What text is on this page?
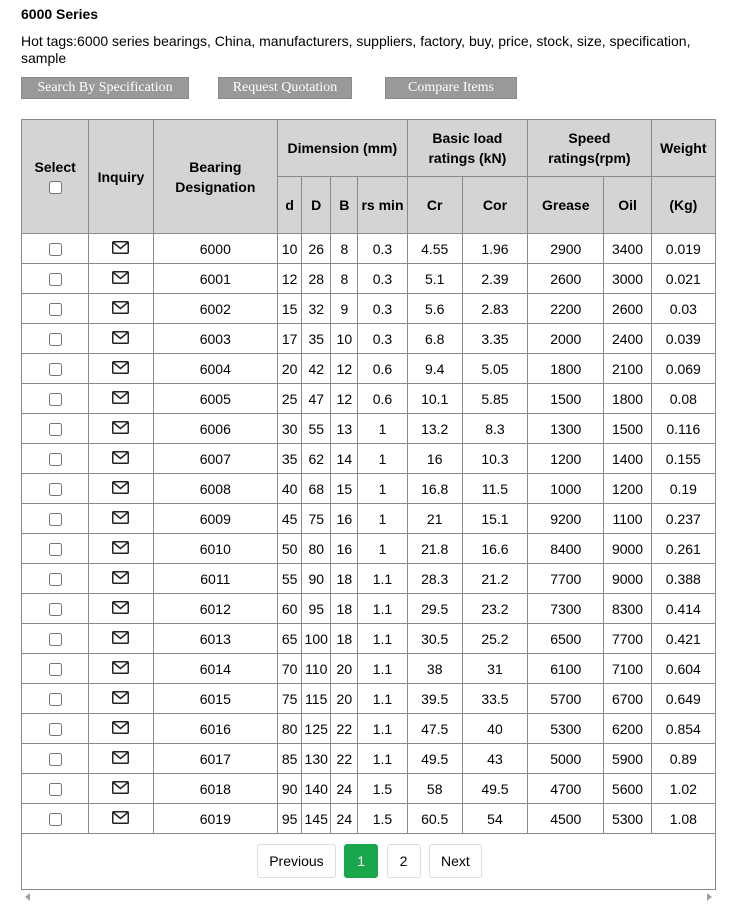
6000 Series

Hot tags:6000 series bearings, China, manufacturers, suppliers, factory, buy, price, stock, size, specification, sample

Search By Specification	Request Quotation	Compare Items
Select	Inquiry	Bearing Designation	Dimension (mm)				Basic load ratings (kN)		Speed ratings(rpm)		Weight
			d	D	B	rs min	Cr	Cor	Grease	Oil	(Kg)
		6000	10	26	8	0.3	4.55	1.96	2900	3400	0.019
		6001	12	28	8	0.3	5.1	2.39	2600	3000	0.021
		6002	15	32	9	0.3	5.6	2.83	2200	2600	0.03
		6003	17	35	10	0.3	6.8	3.35	2000	2400	0.039
		6004	20	42	12	0.6	9.4	5.05	1800	2100	0.069
		6005	25	47	12	0.6	10.1	5.85	1500	1800	0.08
		6006	30	55	13	1	13.2	8.3	1300	1500	0.116
		6007	35	62	14	1	16	10.3	1200	1400	0.155
		6008	40	68	15	1	16.8	11.5	1000	1200	0.19
		6009	45	75	16	1	21	15.1	9200	1100	0.237
		6010	50	80	16	1	21.8	16.6	8400	9000	0.261
		6011	55	90	18	1.1	28.3	21.2	7700	9000	0.388
		6012	60	95	18	1.1	29.5	23.2	7300	8300	0.414
		6013	65	100	18	1.1	30.5	25.2	6500	7700	0.421
		6014	70	110	20	1.1	38	31	6100	7100	0.604
		6015	75	115	20	1.1	39.5	33.5	5700	6700	0.649
		6016	80	125	22	1.1	47.5	40	5300	6200	0.854
		6017	85	130	22	1.1	49.5	43	5000	5900	0.89
		6018	90	140	24	1.5	58	49.5	4700	5600	1.02
		6019	95	145	24	1.5	60.5	54	4500	5300	1.08
Previous 1 2 Next
